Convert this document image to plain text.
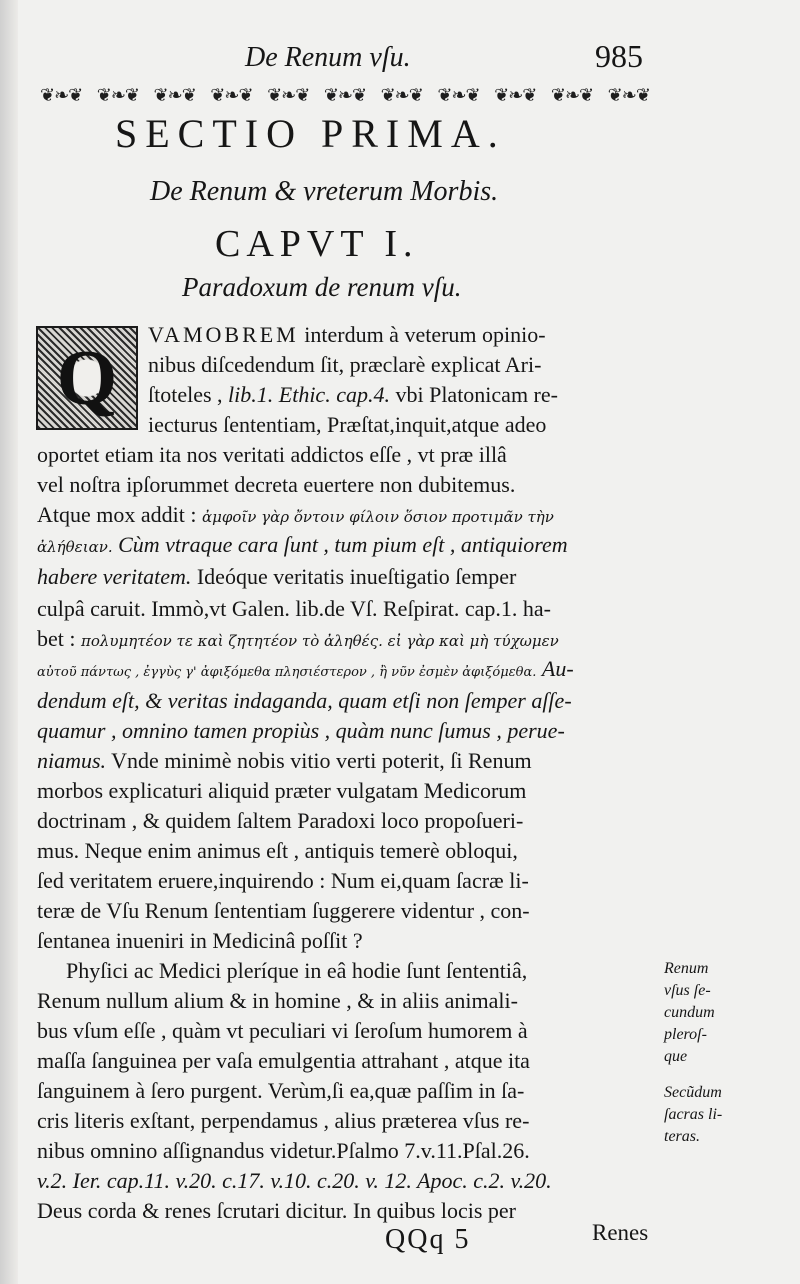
De Renum vſu.	985
❦❧❦ ❦❧❦ ❦❧❦ ❦❧❦ ❦❧❦ ❦❧❦ ❦❧❦ ❦❧❦ ❦❧❦ ❦❧❦ ❦❧❦
SECTIO PRIMA.
De Renum & vreterum Morbis.
CAPVT I.
Paradoxum de renum vſu.
Q	VAMOBREM interdum à veterum opinio-
nibus diſcedendum ſit, præclarè explicat Ari-
ſtoteles , lib.1. Ethic. cap.4. vbi Platonicam re-
iecturus ſententiam, Præſtat,inquit,atque adeo
oportet etiam ita nos veritati addictos eſſe , vt præ illâ
vel noſtra ipſorummet decreta euertere non dubitemus.
Atque mox addit : ἀμφοῖν γὰρ ὄντοιν φίλοιν ὅσιον προτιμᾶν τὴν
ἀλήθειαν. Cùm vtraque cara ſunt , tum pium eſt , antiquiorem
habere veritatem. Ideóque veritatis inueſtigatio ſemper
culpâ caruit. Immò,vt Galen. lib.de Vſ. Reſpirat. cap.1. ha-
bet : πολυμητέον τε καὶ ζητητέον τὸ ἀληθές. εἰ γὰρ καὶ μὴ τύχωμεν
αὐτοῦ πάντως , ἐγγὺς γ' ἀφιξόμεθα πλησιέστερον , ἢ νῦν ἐσμὲν ἀφιξόμεθα. Au-
dendum eſt, & veritas indaganda, quam etſi non ſemper aſſe-
quamur , omnino tamen propiùs , quàm nunc ſumus , perue-
niamus. Vnde minimè nobis vitio verti poterit, ſi Renum
morbos explicaturi aliquid præter vulgatam Medicorum
doctrinam , & quidem ſaltem Paradoxi loco propoſueri-
mus. Neque enim animus eſt , antiquis temerè obloqui,
ſed veritatem eruere,inquirendo : Num ei,quam ſacræ li-
teræ de Vſu Renum ſententiam ſuggerere videntur , con-
ſentanea inueniri in Medicinâ poſſit ?
Phyſici ac Medici pleríque in eâ hodie ſunt ſententiâ,
Renum nullum alium & in homine , & in aliis animali-
bus vſum eſſe , quàm vt peculiari vi ſeroſum humorem à
maſſa ſanguinea per vaſa emulgentia attrahant , atque ita
ſanguinem à ſero purgent. Verùm,ſi ea,quæ paſſim in ſa-
cris literis exſtant, perpendamus , alius præterea vſus re-
nibus omnino aſſignandus videtur.Pſalmo 7.v.11.Pſal.26.
v.2. Ier. cap.11. v.20. c.17. v.10. c.20. v. 12. Apoc. c.2. v.20.
Deus corda & renes ſcrutari dicitur. In quibus locis per
Renum
vſus ſe-
cundum
pleroſ-
que
Secũdum
ſacras li-
teras.
QQq 5	Renes
